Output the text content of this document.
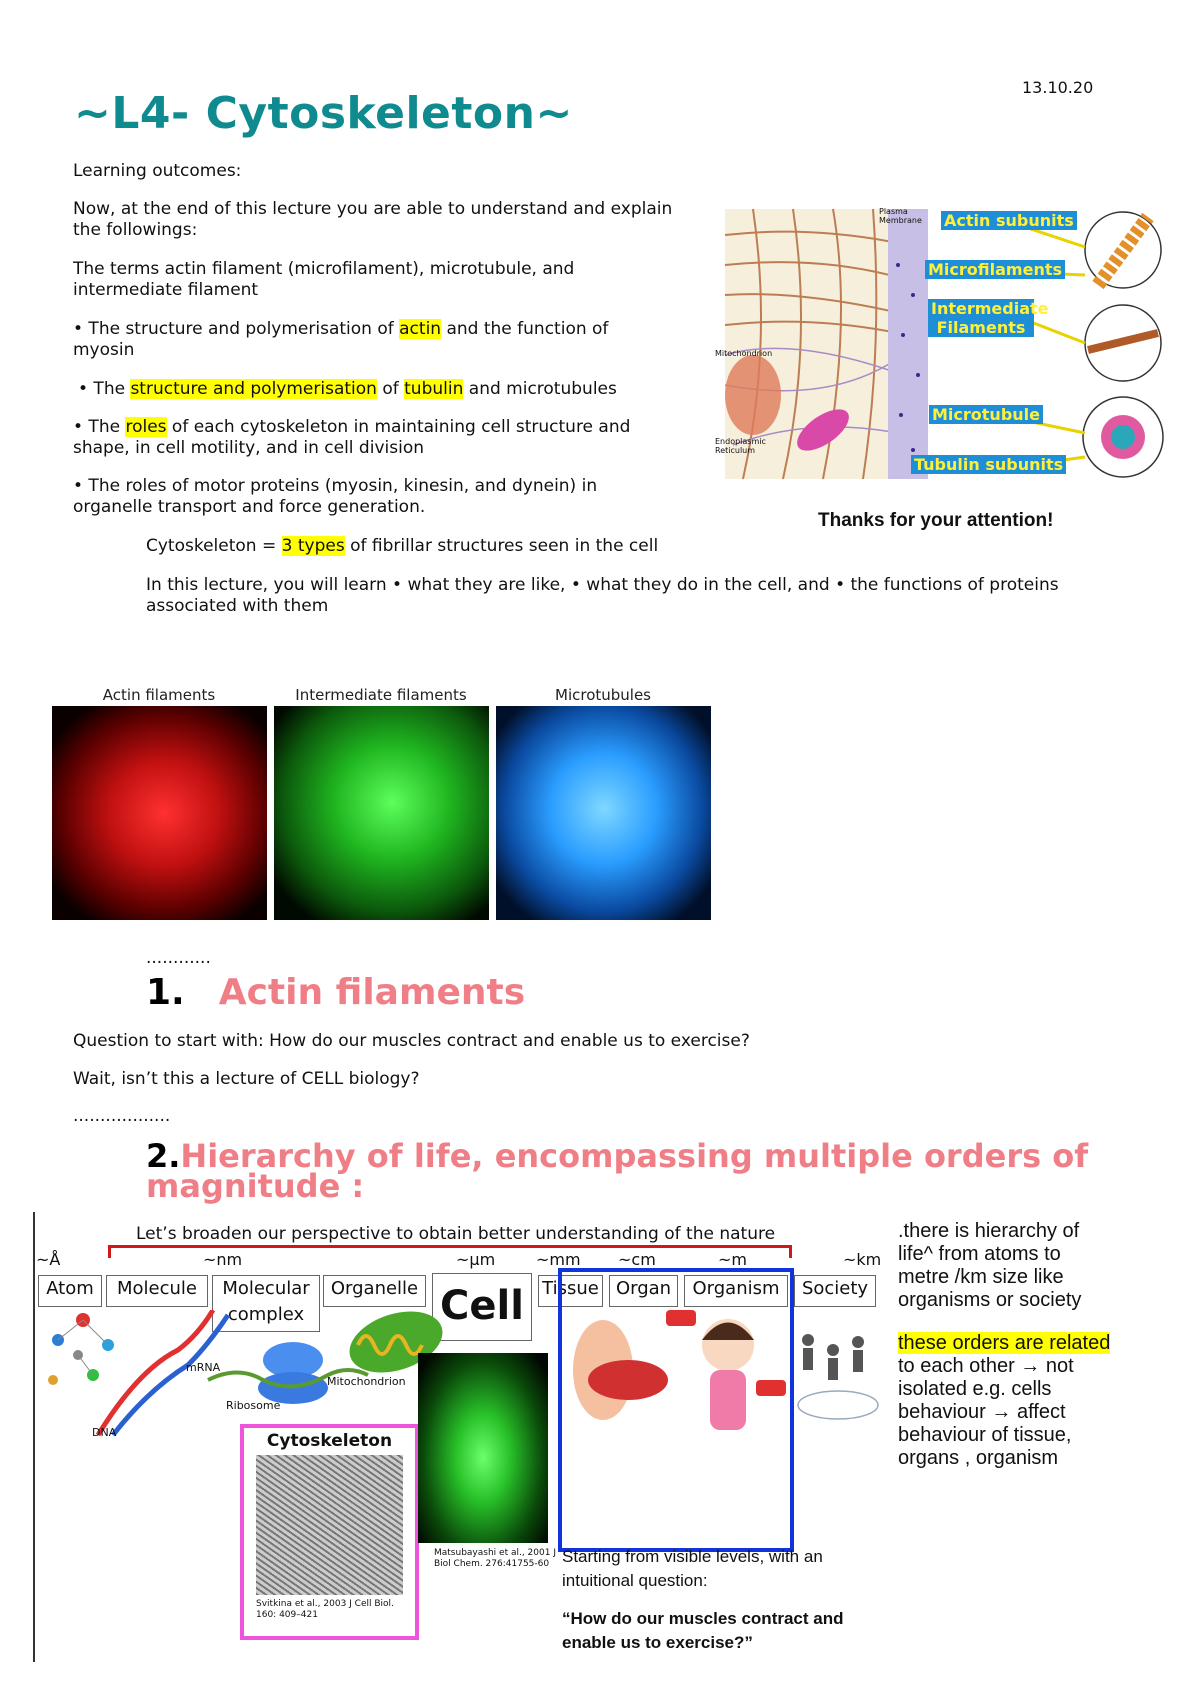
13.10.20
~L4- Cytoskeleton~
Learning outcomes:
Now, at the end of this lecture you are able to understand and explain the followings:
The terms actin filament (microfilament), microtubule, and intermediate filament
• The structure and polymerisation of actin and the function of myosin
• The structure and polymerisation of tubulin and microtubules
• The roles of each cytoskeleton in maintaining cell structure and shape, in cell motility, and in cell division
• The roles of motor proteins (myosin, kinesin, and dynein) in organelle transport and force generation.
Cytoskeleton = 3 types of fibrillar structures seen in the cell
In this lecture, you will learn • what they are like, • what they do in the cell, and • the functions of proteins associated with them
Actin subunits
Microfilaments
Intermediate Filaments
Microtubule
Tubulin subunits
Plasma Membrane
Mitochondrion
Endoplasmic Reticulum
Thanks for your attention!
Actin filaments	Intermediate filaments	Microtubules
............
1. Actin filaments
Question to start with: How do our muscles contract and enable us to exercise?
Wait, isn’t this a lecture of CELL biology?
..................
2.Hierarchy of life, encompassing multiple orders of magnitude :
Let’s broaden our perspective to obtain better understanding of the nature
~Å	~nm	~µm	~mm ~cm	~m	~km
Atom	Molecule	Molecular complex
Organelle Cell	Tissue Organ	Organism	Society
mRNA
DNA
Ribosome
Mitochondrion
Cytoskeleton
Svitkina et al., 2003 J Cell Biol. 160: 409–421
Matsubayashi et al., 2001 J Biol Chem. 276:41755-60 Starting from visible levels, with an intuitional question:
“How do our muscles contract and enable us to exercise?”
.there is hierarchy of life^ from atoms to metre /km size like organisms or society
these orders are related to each other → not isolated e.g. cells behaviour → affect behaviour of tissue, organs , organism
